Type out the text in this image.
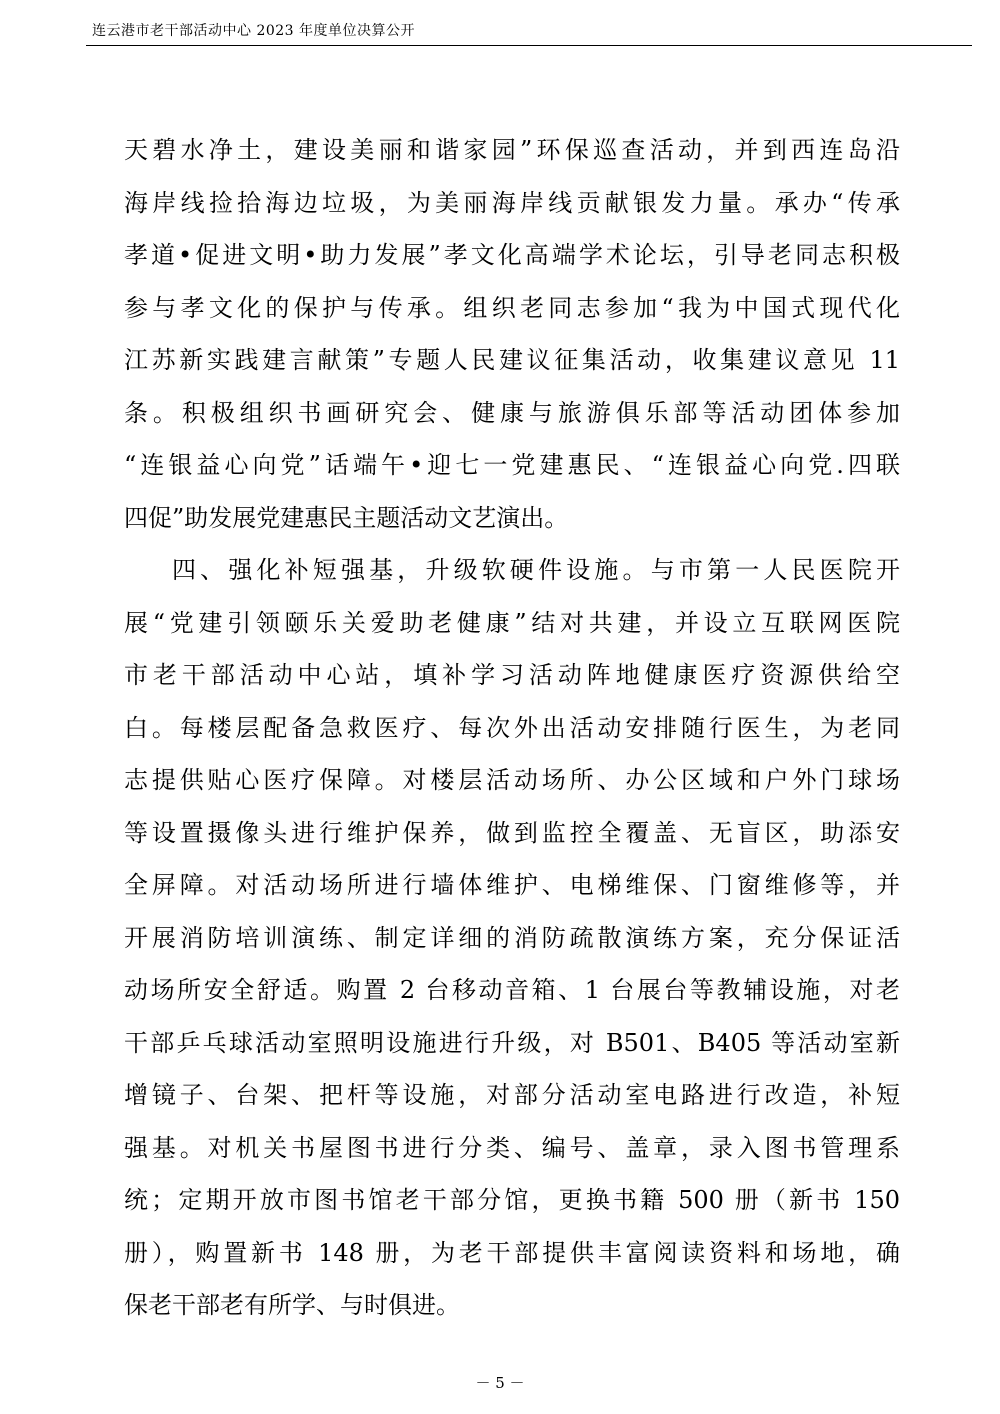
连云港市老干部活动中心 2023 年度单位决算公开
天碧水净土，建设美丽和谐家园”环保巡查活动，并到西连岛沿
海岸线捡拾海边垃圾，为美丽海岸线贡献银发力量。承办“传承
孝道•促进文明•助力发展”孝文化高端学术论坛，引导老同志积极
参与孝文化的保护与传承。组织老同志参加“我为中国式现代化
江苏新实践建言献策”专题人民建议征集活动，收集建议意见 11
条。积极组织书画研究会、健康与旅游俱乐部等活动团体参加
“连银益心向党”话端午•迎七一党建惠民、“连银益心向党.四联
四促”助发展党建惠民主题活动文艺演出。
四、强化补短强基，升级软硬件设施。与市第一人民医院开
展“党建引领颐乐关爱助老健康”结对共建，并设立互联网医院
市老干部活动中心站，填补学习活动阵地健康医疗资源供给空
白。每楼层配备急救医疗、每次外出活动安排随行医生，为老同
志提供贴心医疗保障。对楼层活动场所、办公区域和户外门球场
等设置摄像头进行维护保养，做到监控全覆盖、无盲区，助添安
全屏障。对活动场所进行墙体维护、电梯维保、门窗维修等，并
开展消防培训演练、制定详细的消防疏散演练方案，充分保证活
动场所安全舒适。购置 2 台移动音箱、1 台展台等教辅设施，对老
干部乒乓球活动室照明设施进行升级，对 B501、B405 等活动室新
增镜子、台架、把杆等设施，对部分活动室电路进行改造，补短
强基。对机关书屋图书进行分类、编号、盖章，录入图书管理系
统；定期开放市图书馆老干部分馆，更换书籍 500 册（新书 150
册），购置新书 148 册，为老干部提供丰富阅读资料和场地，确
保老干部老有所学、与时俱进。
－ 5 －
